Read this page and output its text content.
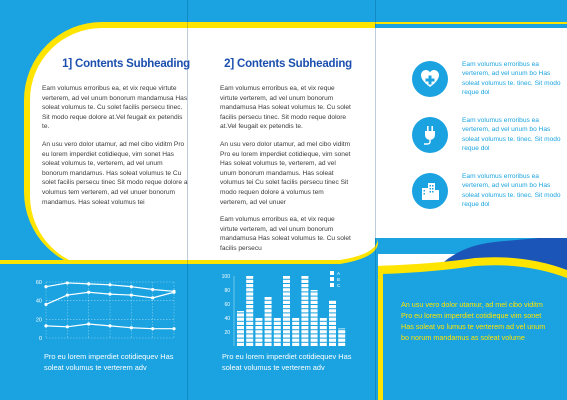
1] Contents Subheading

Eam volumus erroribus ea, et vix reque virtute verterem, ad vel unum bonorum mandamusa Has soleat volumus te. Cu solet facilis persecu tinec. Sit modo reque dolore at.Vel feugait ex petendis te.

An usu vero dolor utamur, ad mel cibo viditm Pro eu lorem imperdiet cotidieque, vim sonet Has soleat volumus te, verterem, ad vel unum bonorum mandamus. Has soleat volumus te Cu solet facilis persecu tinec Sit modo reque dolore a volumus tem verterem, ad vel unuer bonorum mandamus. Has soleat volumus tei

2] Contents Subheading

Eam volumus erroribus ea, et vix reque virtute verterem, ad vel unum bonorum mandamusa Has soleat volumus te. Cu solet facilis persecu tinec. Sit modo reque dolore at.Vel feugait ex petendis te.

An usu vero dolor utamur, ad mel cibo viditm Pro eu lorem imperdiet cotidieque, vim sonet Has soleat volumus te, verterem, ad vel unum bonorum mandamus. Has soleat volumus tei Cu solet facilis persecu tinec Sit modo requen dolore a volumus tem verterem, ad vel unuer

Eam volumus erroribus ea, et vix reque virtute verterem, ad vel unum bonorum mandamusa Has soleat volumus te. Cu solet facilis persecu

Eam volumus erroribus ea verterem, ad vel unum bo Has soleat volumus te. tinec. Sit modo reque dol
Eam volumus erroribus ea verterem, ad vel unum bo Has soleat volumus te. tinec. Sit modo reque dol
Eam volumus erroribus ea verterem, ad vel unum bo Has soleat volumus te. tinec. Sit modo reque dol
60
40
20
0
100
80
60
40
20
A
B
C
Pro eu lorem imperdiet cotidiequev Has soleat volumus te verterem adv
Pro eu lorem imperdiet cotidiequev Has soleat volumus te verterem adv
An usu vero dolor utamur, ad mel cibo viditm Pro eu lorem imperdiet cotidieque vim sonet Has soleat vo lumus te verterem ad vel unum bo norum mandamus as soleat volume
